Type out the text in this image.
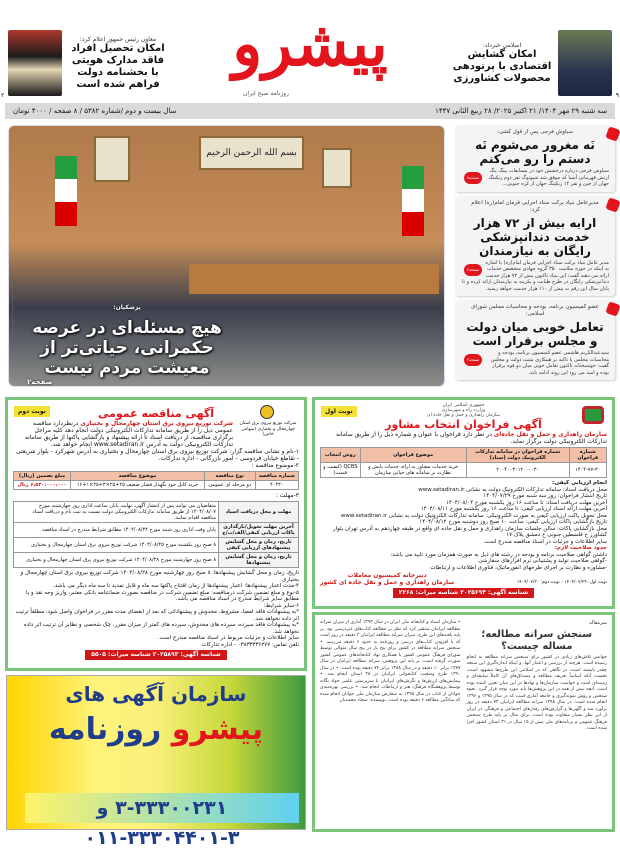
اسلامی خبرداد:
امکان گشایش اقتصادی با پرتودهی محصولات کشاورزی
۹
پیشرو
روزنامه صبح ایران
معاون رئیس جمهور اعلام کرد:
امکان تحصیل افراد فاقد مدارک هویتی با بخشنامه دولت فراهم شده است
۲
سه شنبه ۲۹ مهر ۱۴۰۴/ ۲۱ اکتبر ۲۰۲۵/ ۲۸ ربیع الثانی ۱۴۴۷
سال بیست و دوم /شماره ۵۳۸۲ / ۸ صفحه / ۴۰۰۰ تومان
بسم الله الرحمن الرحیم
عکس: پایگاه اطلاع رسانی ریاست جمهوری	پزشکیان:
هیچ مسئله‌ای در عرصه حکمرانی، حیاتی‌تر از معیشت مردم نیست
صفحه۲
سیاوش فرجی پس از قول کشی:
نَه مغرور می‌شوم نَه دستم را رو می‌کنم
صفحه۸
سیاوش فرجی درباره درخشش خود در مسابقات پینگ پنگ ارتش قهرمانی آسیا که موفق شد شیوتوگ نفر دوم رنکینگ جهان از چین و نفر ۱۲ رنکینگ جهان از کره جنوبی...
مدیرعامل بنیاد برکت ستاد اجرایی فرمان امام(ره) اعلام کرد:
ارایه بیش از ۷۲ هزار خدمت دندانپزشکی رایگان به نیازمندان
صفحه۲
مدیر عامل بنیاد برکت ستاد اجرایی فرمان امام(ره) با اشاره به اینکه در حوزه سلامت ۳۵۰ گروه جهادی متخصص خدمات ارائه می دهند گفت: این بنیاد تاکنون بیش از ۷۲ هزار خدمت دندانپزشکی رایگان در طرح طبابت و بکرینه به نیازمندان ارائه کرده و تا پایان سال این رقم به بیش از ۱۱۰ هزار خدمت خواهد رسید.
عضو کمیسیون برنامه، بودجه و محاسبات مجلس شورای اسلامی:
تعامل خوبی میان دولت و مجلس برقرار است
صفحه۲
سیدعبدالکریم هاشمی عضو کمیسیون برنامه، بودجه و محاسبات مجلس با تاکید بر همکاری مثبت دولت و مجلس گفت: خوشبختانه تاکنون تعامل خوبی میان دو قوه برقرار بوده و امید می رود این روند ادامه یابد.
نوبت اول
جمهوری اسلامی ایران
وزارت راه و شهرسازی
سازمان راهداری و حمل و نقل جاده ای
آگهی فراخوان انتخاب مشاور
سازمان راهداری و حمل و نقل جاده‌ای در نظر دارد فراخوان با عنوان و شماره ذیل را از طریق سامانه تدارکات الکترونیکی دولت برگزار نماید.
شماره فراخوان	شماره فراخوان در سامانه تدارکات الکترونیک دولت (ستاد)	موضوع فراخوان	روش انتخاب
۱۴۰۴-۷۷-۳۰	۲۰۰۴۰۰۳۰۱۲۰۰۰۰۳۰	خرید خدمات مشاور به ارائه خدمات پایش و نظارت بر سامانه های حیاتی سازمان	QCBS (کیفیت و قیمت)
انجام ارزیابی کیفی:
محل دریافت اسناد: سامانه تدارکات الکترونیک دولت به نشانی www.setadiran.ir
تاریخ انتشار فراخوان: روز سه شنبه مورخ ۱۴۰۴/۰۷/۲۹
آخرین مهلت دریافت اسناد: تا ساعت ۱۶ روز یکشنبه مورخ ۱۴۰۴/۰۸/۰۴
آخرین مهلت ارائه اسناد ارزیابی کیفی: تا ساعت ۱۶ روز یکشنبه مورخ ۱۴۰۴/۰۸/۱۱
محل تحویل پاکت ارزیابی کیفی به صورت الکترونیکی: سامانه تدارکات الکترونیک دولت به نشانی www.setadiran.ir
تاریخ بازگشایی پاکات ارزیابی کیفی: ساعت ۱۰ صبح روز دوشنبه مورخ ۱۴۰۴/۰۸/۱۲
محل بازگشایی پاکات: سالن جلسات سازمان راهداری و حمل و نقل جاده ای واقع در طبقه چهاردهم به آدرس تهران بلوار کشاورز خ فلسطین جنوبی خ دمشق پلاک ۱۷
سایر اطلاعات و جزئیات در اسناد مناقصه مندرج است.
حدود صلاحیت لازم:
داشتن گواهی صلاحیت برنامه و بودجه در رشته های ذیل به صورت همزمان مورد تایید می باشد:
-گواهی صلاحیت تولید و پشتیبانی نرم افزارهای سفارشی
-مشاوره و نظارت بر اجرای طرحهای انفورماتیک، فناوری اطلاعات و ارتباطات
نوبت اول: ۱۴۰۴/۰۷/۲۹ - نوبت دوم: ۱۴۰۴/۰۷/۳۰
دبیرخانه کمیسیون معاملات
سازمان راهداری و حمل و نقل جاده ای کشور
شناسه آگهی: ۲۰۲۵۶۹۴ شناسه میراث: ۲۲۶۸
نوبت دوم
شرکت توزیع نیروی برق استان چهارمحال و بختیاری (سهامی خاص)
آگهی مناقصه عمومی
شرکت توزیع نیروی برق استان چهارمحال و بختیاری درنظردارد مناقصه عمومی ذیل را از طریق سامانه تدارکات الکترونیکی دولت انجام دهد کلیه مراحل برگزاری مناقصه، از دریافت اسناد تا ارائه پیشنهاد و بازگشایی پاکتها از طریق سامانه تدارکات الکترونیکی دولت به آدرس www.setadiran.ir انجام خواهد شد.
۱-نام و نشانی مناقصه گزار: شرکت توزیع نیروی برق استان چهارمحال و بختیاری به آدرس شهرکرد - بلوار شریعتی - تقاطع خیابان فردوسی - امور بازرگانی - اداره تدارکات.
۲-موضوع مناقصه :
شماره مناقصه	نوع مناقصه	موضوع مناقصه	مبلغ تضمین (ریال)
۴۰۴۳۰	دو مرحله ای عمومی	خرید کابل خود نگهدار فشار ضعیف ۲۵+۲۵×۳+۲۵×۱+۱۶	۶،۵۳۰،۰۰۰،۰۰۰ ریال
۳-مهلت :
مهلت و محل دریافت اسناد	متقاضیان می توانند پس از انتشار آگهی، نهایت پایان ساعت اداری روز چهارشنبه مورخ ۱۴۰۴/۰۸/۰۷ از طریق سامانه تدارکات الکترونیکی دولت نسبت به ثبت نام و دریافت اسناد مناقصه اقدام نمایند.
آخرین مهلت تحویل/بارگذاری پاکات ارزیابی کیفی/الف/ب/ج	پایان وقت اداری روز شنبه مورخ ۱۴۰۴/۰۸/۲۴ مطابق شرایط مندرج در اسناد مناقصه
تاریخ، زمان و محل گشایش پیشنهادهای ارزیابی کیفی	۸ صبح روز یکشنبه مورخ ۱۴۰۴/۰۸/۲۵ شرکت توزیع نیروی برق استان چهارمحال و بختیاری
تاریخ، زمان و محل گشایش پیشنهادها	۸ صبح روز چهارشنبه مورخ ۱۴۰۴/۰۸/۲۸ شرکت توزیع نیروی برق استان چهارمحال و بختیاری
تاریخ، زمان و محل گشایش پیشنهادها: ۸ صبح روز چهارشنبه مورخ ۱۴۰۴/۰۸/۲۸ شرکت توزیع نیروی برق استان چهارمحال و بختیاری
۴-مدت اعتبار پیشنهادها: اعتبار پیشنهادها از زمان افتتاح پاکتها سه ماه و قابل تمدید تا سه ماه دیگر می باشد.
۵-نوع و مبلغ تضمین شرکت درمناقصه: مبلغ تضمین شرکت در مناقصه بصورت ضمانتنامه بانکی معتبر، واریز وجه نقد و یا مطابق سایر شرایط مندرج در اسناد مناقصه می باشد.
۶-سایر شرایط:
*به پیشنهادات فاقد امضا، مشروط، مخدوش و پیشنهاداتی که بعد از انقضای مدت مقرر در فراخوان واصل شود، مطلقاً ترتیب اثر داده نخواهد شد.
*به پیشنهادات فاقد سپرده، سپرده های مخدوش، سپرده های کمتر از میزان مقرر، چک شخصی و نظایر آن ترتیب اثر داده نخواهد شد.
سایر اطلاعات و جزئیات مربوط در اسناد مناقصه مندرج است.
تلفن تماس: ۰۳۸۳۳۳۳۶۲۷۷ - اداره تدارکات
شناسه آگهی: ۲۰۲۵۸۹۳ شناسه میراث: ۵۵۰۵
سازمان آگهی های
پیشرو روزنامه
۳-۳۳۳۰۰۲۳۱ و ۳-۳۳۳۰۴۴۰۱-۰۱۱
سرمقاله
سنجش سرانه مطالعه؛ مساله چیست؟
خوانش تلاش‌های زیادی در کشور برای سنجش سرانه مطالعه به انجام رسیده است. هرچند از بررسی و اعتبار آنها، و اینکه اندازه‌گیری این سنجه چقدر بایسته است، در نگاهی که در اسلامی این طرح‌ها مشهود است، نخست آنکه اساساً تعریف مطالعه و مصداق‌های آن کاملاً سلیقه‌ای و زمینه‌ای است و خواست سازمان‌ها و نهادها در این میان تعیین کننده بوده است. آنچه بیش از همه در این پژوهش‌ها باید مورد توجه قرار گیرد، نحوه سنجش و روش نمونه‌گیری و جامعه آماری است که در سال ۱۳۹۵ و ۱۳۹۶ انجام شده است. در سال ۱۳۹۸ سرانه مطالعه ایرانیان ۷۲ دقیقه در روز برآورد شد و آگهی‌ها و گزارش‌های رفتارهای اجتماعی و فرهنگی در ایران از این نظر بسیار متفاوت بوده است. برای مثال بر پایه طرح سنجش فرهنگ عمومی و برنامه‌های ملی بیش از ۱۵ سال در ۳۱ استان کشور اجرا شده است.
• سازمان اسناد و کتابخانه ملی ایران در سال ۱۳۹۳ آماری از میزان سرانه مطالعه ایرانیان منتشر کرد که نظر بر مطالعه کتاب‌های غیردرسی بود. بر پایه یافته‌های این طرح، میزان سرانه مطالعه ایرانیان ۲ دقیقه در روز است که با افزودن کتاب‌های درسی و روزنامه به حدود ۶ دقیقه می‌رسد. • سنجش سرانه مطالعه در کشور برای پنج بار در پنج سال متوالی توسط شورای فرهنگ عمومی کشور با همکاری نهاد کتابخانه‌های عمومی کشور صورت گرفته است. بر پایه این پژوهش، سرانه مطالعه ایرانیان در سال ۱۳۸۷ برابر ۱۰ دقیقه و در سال ۱۳۸۸ برابر ۷۴ دقیقه بوده است. • در سال ۱۳۹۰ طرح وضعیت کتابخوانی ایرانیان در ۲۸ استان انجام شد. • پیمایش‌های ارزش‌ها و نگرش‌های ایرانیان با سرپرستی علمی جواد یگانه توسط پژوهشگاه فرهنگ، هنر و ارتباطات انجام شد. • بررسی بهره‌مندی جوانان از کتاب در سال ۱۳۹۵ به سفارش سازمان ملی جوانان انجام شده که میانگین مطالعه ۶ دقیقه بوده است. نویسنده: سجاد محمدیان
